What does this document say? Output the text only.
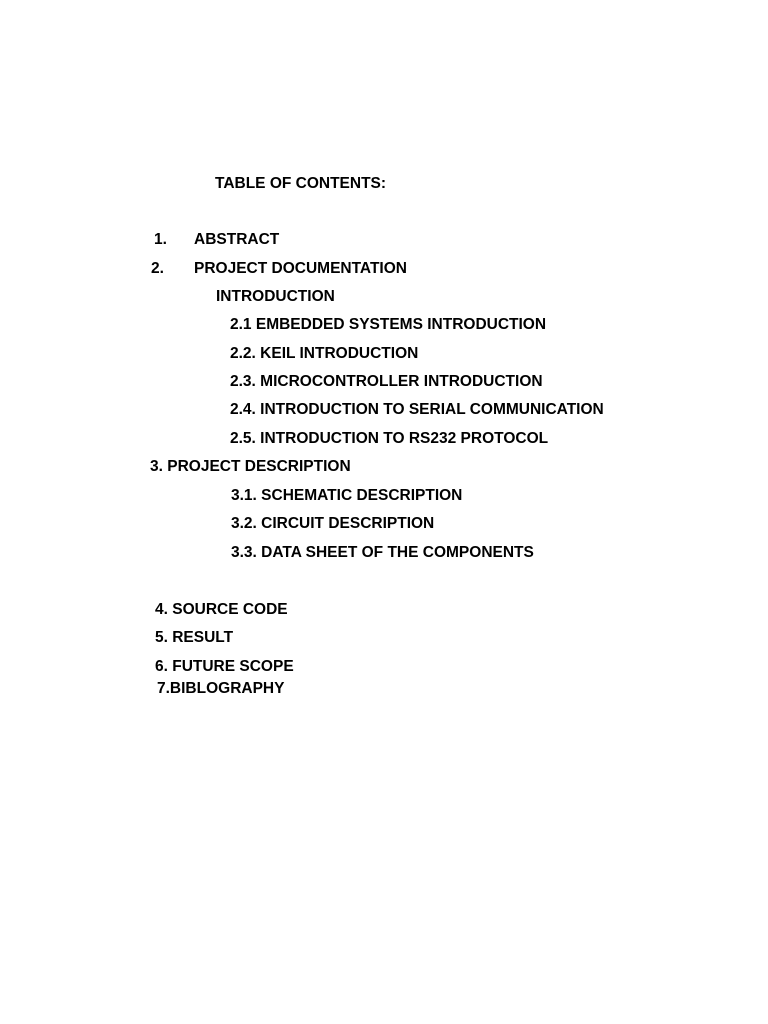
TABLE OF CONTENTS:
1. ABSTRACT
2. PROJECT DOCUMENTATION
INTRODUCTION
2.1 EMBEDDED SYSTEMS INTRODUCTION
2.2. KEIL INTRODUCTION
2.3. MICROCONTROLLER INTRODUCTION
2.4. INTRODUCTION TO SERIAL COMMUNICATION
2.5. INTRODUCTION TO RS232 PROTOCOL
3. PROJECT DESCRIPTION
3.1. SCHEMATIC DESCRIPTION
3.2. CIRCUIT DESCRIPTION
3.3. DATA SHEET OF THE COMPONENTS
4. SOURCE CODE
5. RESULT
6. FUTURE SCOPE
7.BIBLOGRAPHY
